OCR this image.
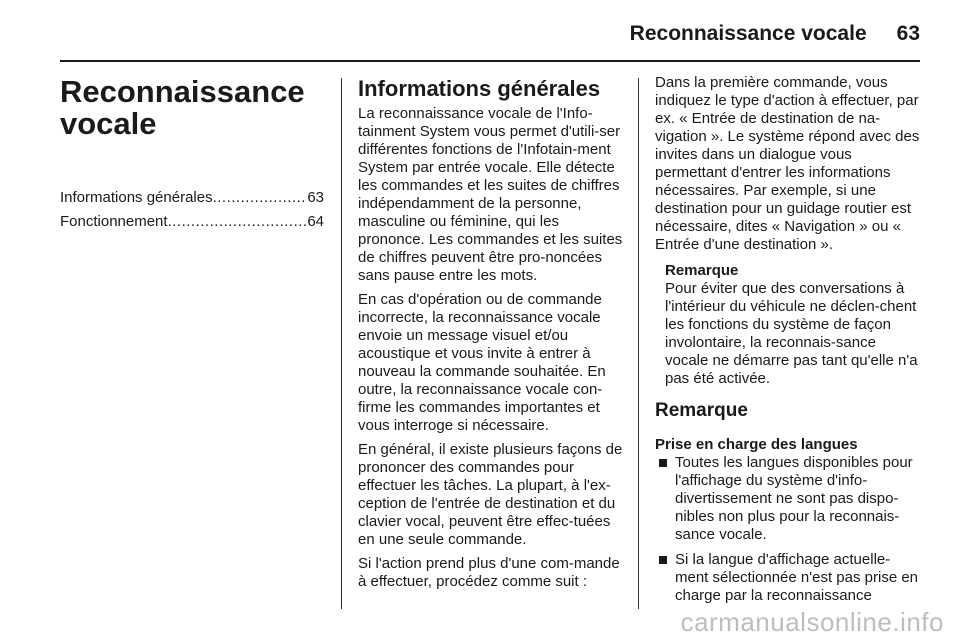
Reconnaissance vocale 63
Reconnaissance vocale
Informations générales .....	63
Fonctionnement .....	64
Informations générales

La reconnaissance vocale de l'Info-tainment System vous permet d'utili-ser différentes fonctions de l'Infotain-ment System par entrée vocale. Elle détecte les commandes et les suites de chiffres indépendamment de la personne, masculine ou féminine, qui les prononce. Les commandes et les suites de chiffres peuvent être pro-noncées sans pause entre les mots.

En cas d'opération ou de commande incorrecte, la reconnaissance vocale envoie un message visuel et/ou acoustique et vous invite à entrer à nouveau la commande souhaitée. En outre, la reconnaissance vocale con-firme les commandes importantes et vous interroge si nécessaire.

En général, il existe plusieurs façons de prononcer des commandes pour effectuer les tâches. La plupart, à l'ex-ception de l'entrée de destination et du clavier vocal, peuvent être effec-tuées en une seule commande.

Si l'action prend plus d'une com-mande à effectuer, procédez comme suit :

Dans la première commande, vous indiquez le type d'action à effectuer, par ex. « Entrée de destination de na-vigation ». Le système répond avec des invites dans un dialogue vous permettant d'entrer les informations nécessaires. Par exemple, si une destination pour un guidage routier est nécessaire, dites « Navigation » ou « Entrée d'une destination ».

Remarque

Pour éviter que des conversations à l'intérieur du véhicule ne déclen-chent les fonctions du système de façon involontaire, la reconnais-sance vocale ne démarre pas tant qu'elle n'a pas été activée.

Remarque
Prise en charge des langues
Toutes les langues disponibles pour l'affichage du système d'info-divertissement ne sont pas dispo-nibles non plus pour la reconnais-sance vocale.
Si la langue d'affichage actuelle-ment sélectionnée n'est pas prise en charge par la reconnaissance
carmanualsonline.info
